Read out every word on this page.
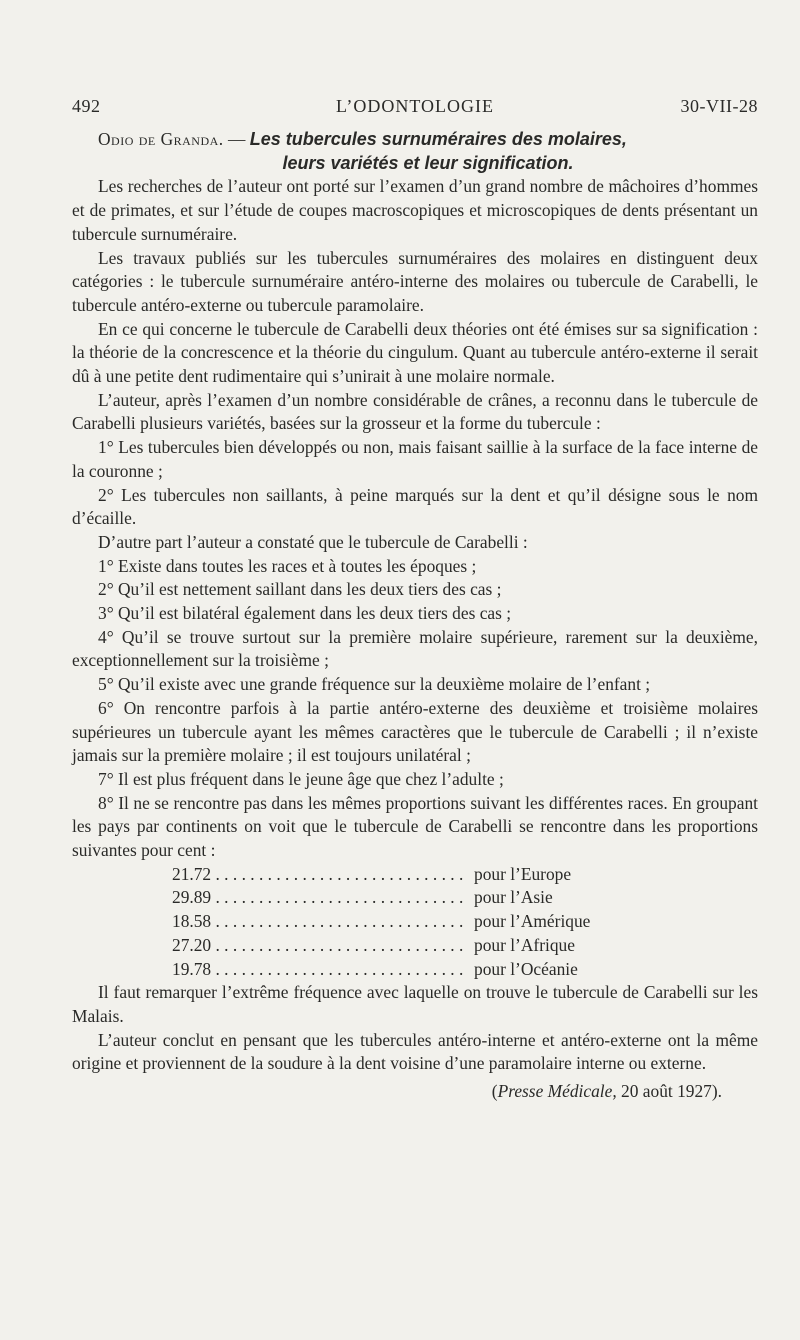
492	L’ODONTOLOGIE	30-VII-28
Odio de Granda. — Les tubercules surnuméraires des molaires,
leurs variétés et leur signification.

Les recherches de l’auteur ont porté sur l’examen d’un grand nombre de mâchoires d’hommes et de primates, et sur l’étude de coupes macroscopiques et microscopiques de dents présentant un tubercule surnuméraire.

Les travaux publiés sur les tubercules surnuméraires des molaires en distinguent deux catégories : le tubercule surnuméraire antéro-interne des molaires ou tubercule de Carabelli, le tubercule antéro-externe ou tubercule paramolaire.

En ce qui concerne le tubercule de Carabelli deux théories ont été émises sur sa signification : la théorie de la concrescence et la théorie du cingulum. Quant au tubercule antéro-externe il serait dû à une petite dent rudimentaire qui s’unirait à une molaire normale.

L’auteur, après l’examen d’un nombre considérable de crânes, a reconnu dans le tubercule de Carabelli plusieurs variétés, basées sur la grosseur et la forme du tubercule :

1° Les tubercules bien développés ou non, mais faisant saillie à la surface de la face interne de la couronne ;

2° Les tubercules non saillants, à peine marqués sur la dent et qu’il désigne sous le nom d’écaille.

D’autre part l’auteur a constaté que le tubercule de Carabelli :

1° Existe dans toutes les races et à toutes les époques ;

2° Qu’il est nettement saillant dans les deux tiers des cas ;

3° Qu’il est bilatéral également dans les deux tiers des cas ;

4° Qu’il se trouve surtout sur la première molaire supérieure, rarement sur la deuxième, exceptionnellement sur la troisième ;

5° Qu’il existe avec une grande fréquence sur la deuxième molaire de l’enfant ;

6° On rencontre parfois à la partie antéro-externe des deuxième et troisième molaires supérieures un tubercule ayant les mêmes caractères que le tubercule de Carabelli ; il n’existe jamais sur la première molaire ; il est toujours unilatéral ;

7° Il est plus fréquent dans le jeune âge que chez l’adulte ;

8° Il ne se rencontre pas dans les mêmes proportions suivant les différentes races. En groupant les pays par continents on voit que le tubercule de Carabelli se rencontre dans les proportions suivantes pour cent :

21.72 . . .	pour l’Europe
29.89 . . .	pour l’Asie
18.58 . . .	pour l’Amérique
27.20 . . .	pour l’Afrique
19.78 . . .	pour l’Océanie

Il faut remarquer l’extrême fréquence avec laquelle on trouve le tubercule de Carabelli sur les Malais.

L’auteur conclut en pensant que les tubercules antéro-interne et antéro-externe ont la même origine et proviennent de la soudure à la dent voisine d’une paramolaire interne ou externe.

(Presse Médicale, 20 août 1927).
